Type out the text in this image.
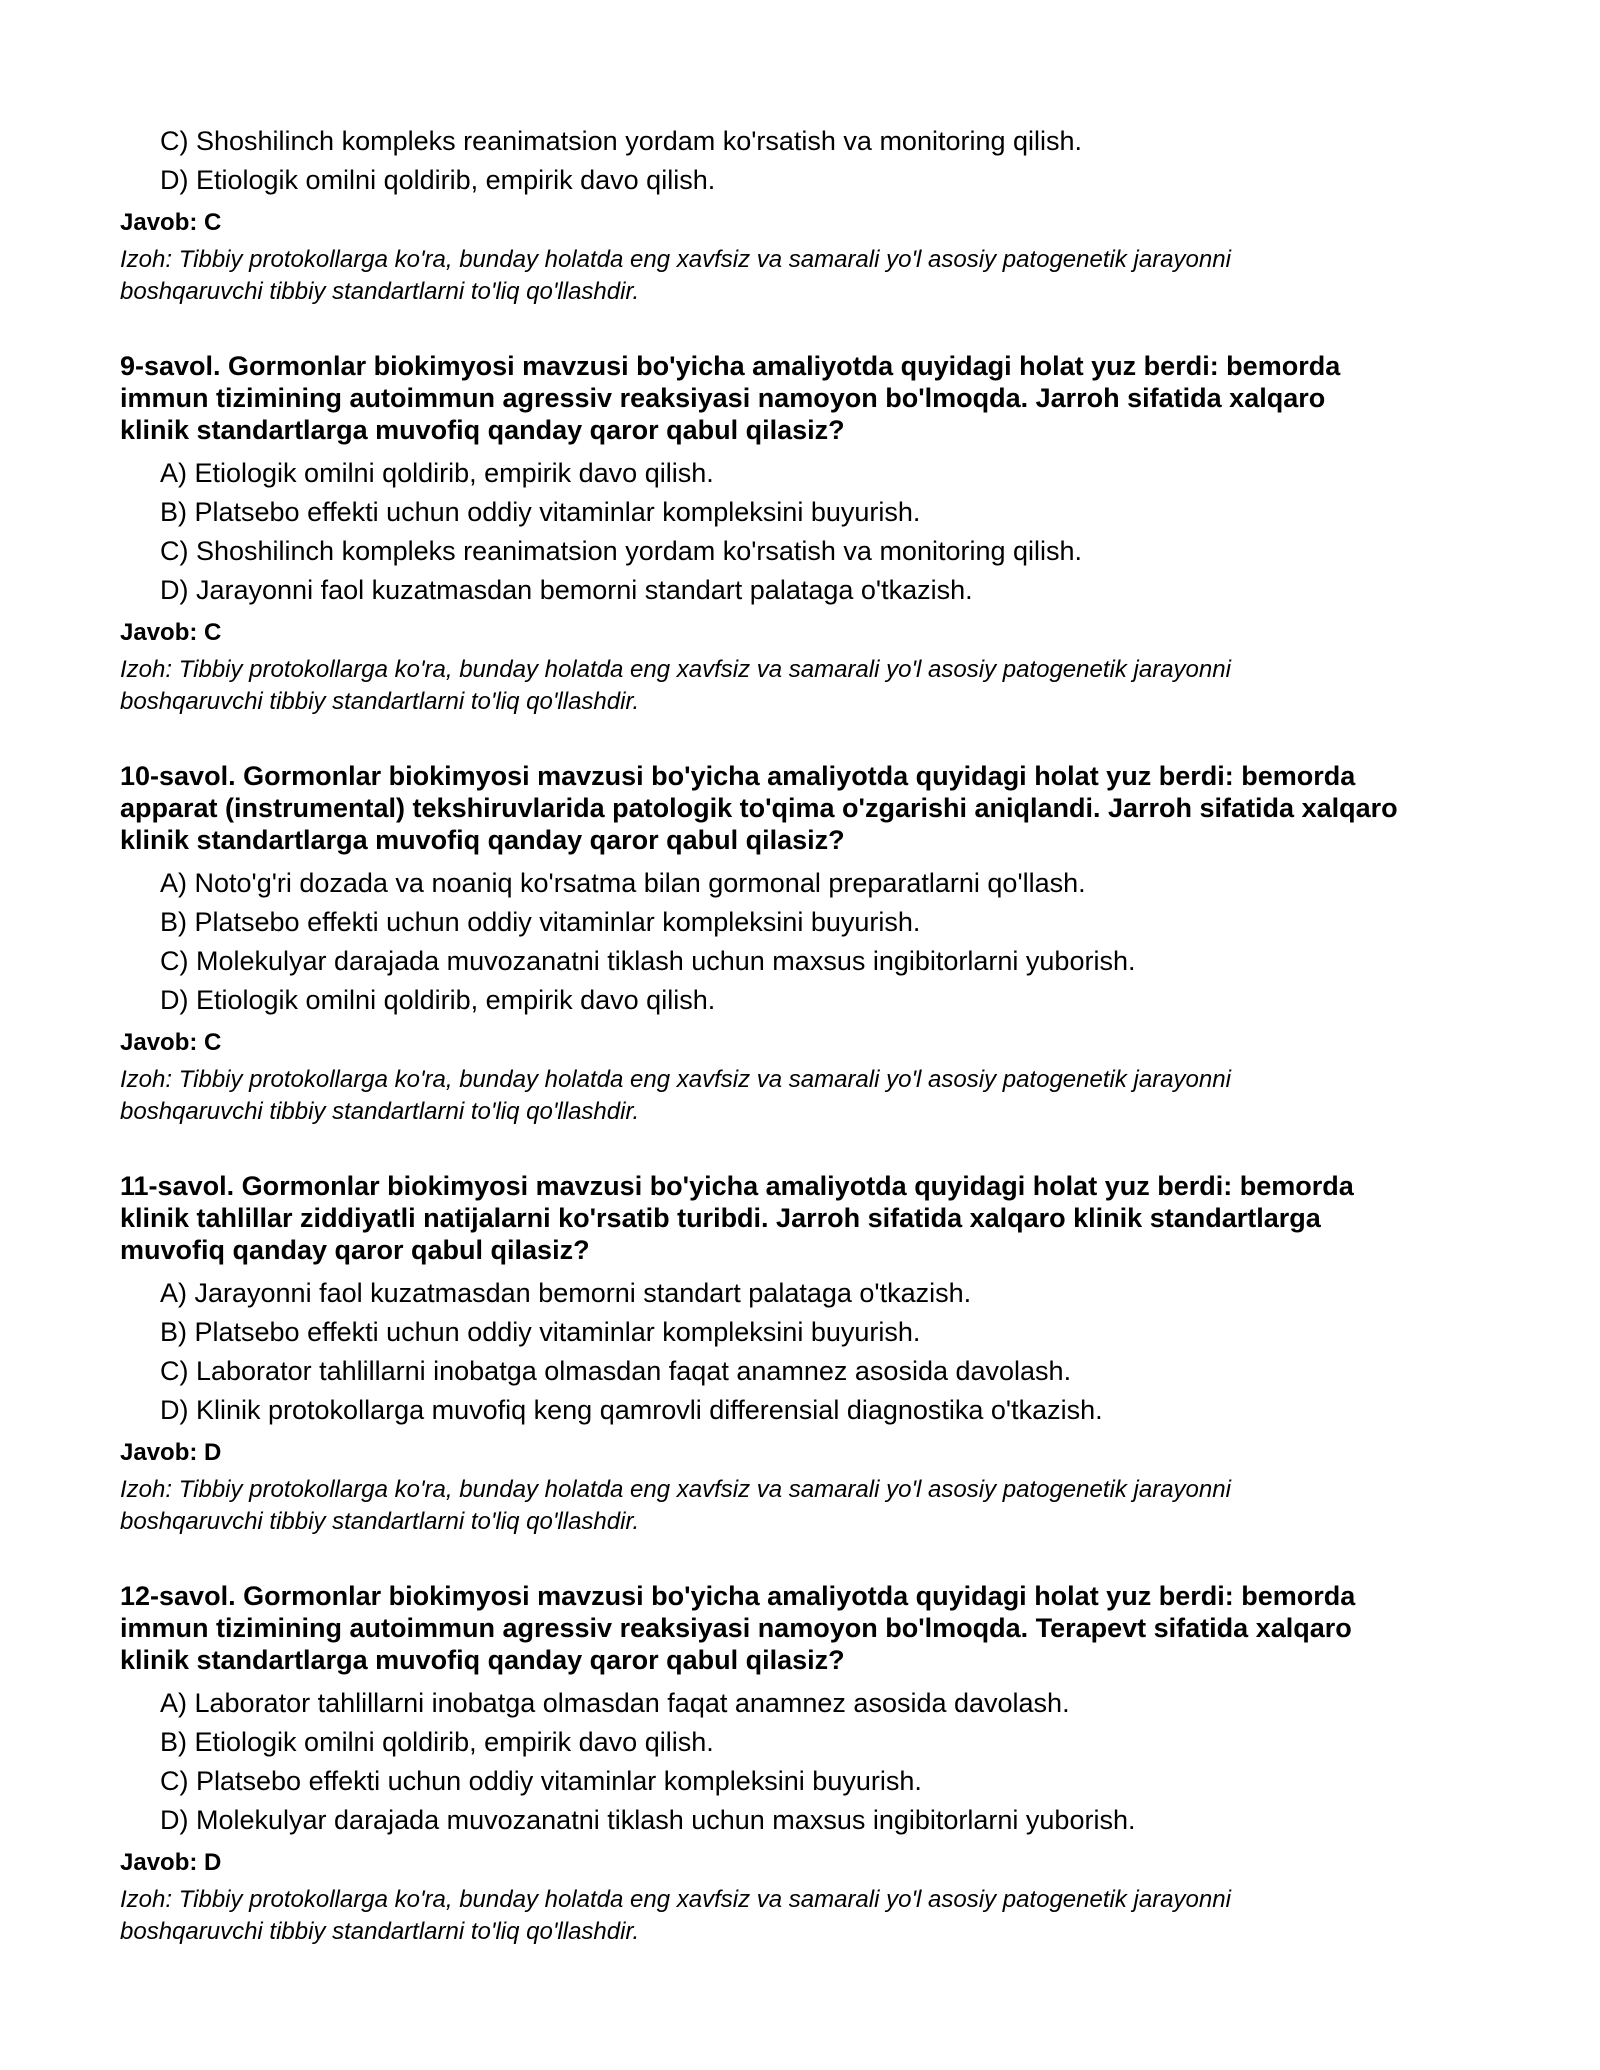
C) Shoshilinch kompleks reanimatsion yordam ko'rsatish va monitoring qilish.
D) Etiologik omilni qoldirib, empirik davo qilish.
Javob: C
Izoh: Tibbiy protokollarga ko'ra, bunday holatda eng xavfsiz va samarali yo'l asosiy patogenetik jarayonni
boshqaruvchi tibbiy standartlarni to'liq qo'llashdir.
9-savol. Gormonlar biokimyosi mavzusi bo'yicha amaliyotda quyidagi holat yuz berdi: bemorda
immun tizimining autoimmun agressiv reaksiyasi namoyon bo'lmoqda. Jarroh sifatida xalqaro
klinik standartlarga muvofiq qanday qaror qabul qilasiz?
A) Etiologik omilni qoldirib, empirik davo qilish.
B) Platsebo effekti uchun oddiy vitaminlar kompleksini buyurish.
C) Shoshilinch kompleks reanimatsion yordam ko'rsatish va monitoring qilish.
D) Jarayonni faol kuzatmasdan bemorni standart palataga o'tkazish.
Javob: C
Izoh: Tibbiy protokollarga ko'ra, bunday holatda eng xavfsiz va samarali yo'l asosiy patogenetik jarayonni
boshqaruvchi tibbiy standartlarni to'liq qo'llashdir.
10-savol. Gormonlar biokimyosi mavzusi bo'yicha amaliyotda quyidagi holat yuz berdi: bemorda
apparat (instrumental) tekshiruvlarida patologik to'qima o'zgarishi aniqlandi. Jarroh sifatida xalqaro
klinik standartlarga muvofiq qanday qaror qabul qilasiz?
A) Noto'g'ri dozada va noaniq ko'rsatma bilan gormonal preparatlarni qo'llash.
B) Platsebo effekti uchun oddiy vitaminlar kompleksini buyurish.
C) Molekulyar darajada muvozanatni tiklash uchun maxsus ingibitorlarni yuborish.
D) Etiologik omilni qoldirib, empirik davo qilish.
Javob: C
Izoh: Tibbiy protokollarga ko'ra, bunday holatda eng xavfsiz va samarali yo'l asosiy patogenetik jarayonni
boshqaruvchi tibbiy standartlarni to'liq qo'llashdir.
11-savol. Gormonlar biokimyosi mavzusi bo'yicha amaliyotda quyidagi holat yuz berdi: bemorda
klinik tahlillar ziddiyatli natijalarni ko'rsatib turibdi. Jarroh sifatida xalqaro klinik standartlarga
muvofiq qanday qaror qabul qilasiz?
A) Jarayonni faol kuzatmasdan bemorni standart palataga o'tkazish.
B) Platsebo effekti uchun oddiy vitaminlar kompleksini buyurish.
C) Laborator tahlillarni inobatga olmasdan faqat anamnez asosida davolash.
D) Klinik protokollarga muvofiq keng qamrovli differensial diagnostika o'tkazish.
Javob: D
Izoh: Tibbiy protokollarga ko'ra, bunday holatda eng xavfsiz va samarali yo'l asosiy patogenetik jarayonni
boshqaruvchi tibbiy standartlarni to'liq qo'llashdir.
12-savol. Gormonlar biokimyosi mavzusi bo'yicha amaliyotda quyidagi holat yuz berdi: bemorda
immun tizimining autoimmun agressiv reaksiyasi namoyon bo'lmoqda. Terapevt sifatida xalqaro
klinik standartlarga muvofiq qanday qaror qabul qilasiz?
A) Laborator tahlillarni inobatga olmasdan faqat anamnez asosida davolash.
B) Etiologik omilni qoldirib, empirik davo qilish.
C) Platsebo effekti uchun oddiy vitaminlar kompleksini buyurish.
D) Molekulyar darajada muvozanatni tiklash uchun maxsus ingibitorlarni yuborish.
Javob: D
Izoh: Tibbiy protokollarga ko'ra, bunday holatda eng xavfsiz va samarali yo'l asosiy patogenetik jarayonni
boshqaruvchi tibbiy standartlarni to'liq qo'llashdir.
